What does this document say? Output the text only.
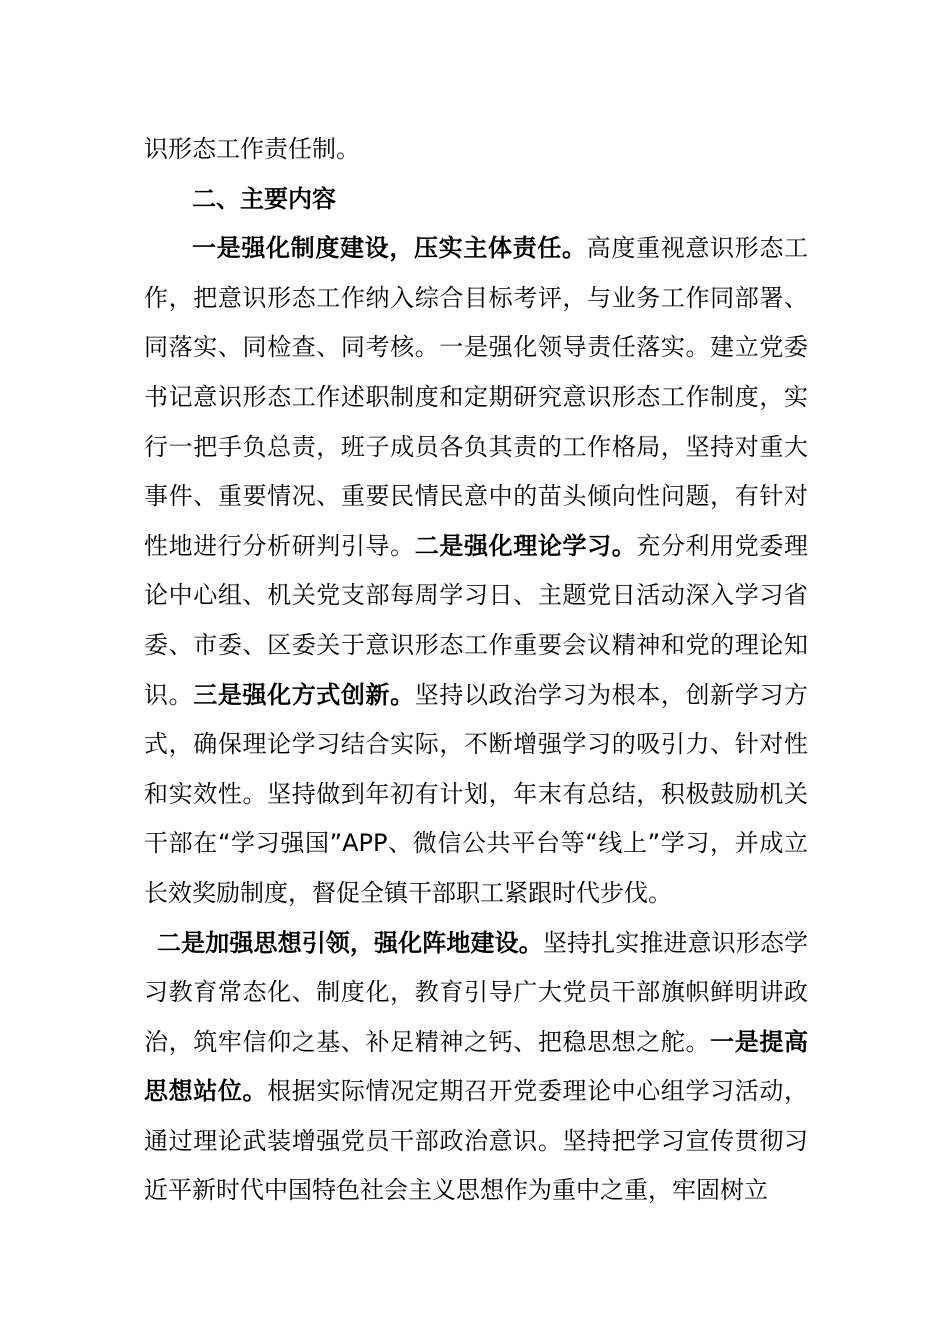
识形态工作责任制。

二、主要内容

一是强化制度建设，压实主体责任。高度重视意识形态工作，把意识形态工作纳入综合目标考评，与业务工作同部署、同落实、同检查、同考核。一是强化领导责任落实。建立党委书记意识形态工作述职制度和定期研究意识形态工作制度，实行一把手负总责，班子成员各负其责的工作格局，坚持对重大事件、重要情况、重要民情民意中的苗头倾向性问题，有针对性地进行分析研判引导。二是强化理论学习。充分利用党委理论中心组、机关党支部每周学习日、主题党日活动深入学习省委、市委、区委关于意识形态工作重要会议精神和党的理论知识。三是强化方式创新。坚持以政治学习为根本，创新学习方式，确保理论学习结合实际，不断增强学习的吸引力、针对性和实效性。坚持做到年初有计划，年末有总结，积极鼓励机关干部在“学习强国”APP、微信公共平台等“线上”学习，并成立长效奖励制度，督促全镇干部职工紧跟时代步伐。

二是加强思想引领，强化阵地建设。坚持扎实推进意识形态学习教育常态化、制度化，教育引导广大党员干部旗帜鲜明讲政治，筑牢信仰之基、补足精神之钙、把稳思想之舵。一是提高思想站位。根据实际情况定期召开党委理论中心组学习活动，通过理论武装增强党员干部政治意识。坚持把学习宣传贯彻习近平新时代中国特色社会主义思想作为重中之重，牢固树立
